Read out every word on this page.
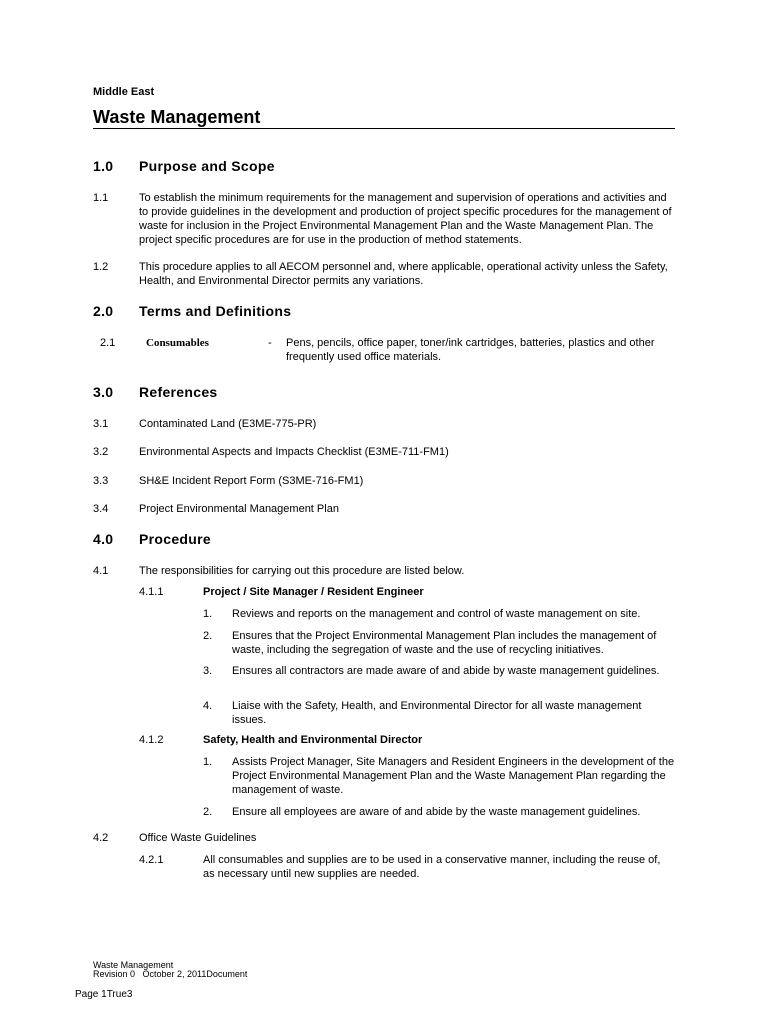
Middle East
Waste Management
1.0 Purpose and Scope
1.1	To establish the minimum requirements for the management and supervision of operations and activities and to provide guidelines in the development and production of project specific procedures for the management of waste for inclusion in the Project Environmental Management Plan and the Waste Management Plan. The project specific procedures are for use in the production of method statements.
1.2	This procedure applies to all AECOM personnel and, where applicable, operational activity unless the Safety, Health, and Environmental Director permits any variations.
2.0 Terms and Definitions
2.1	Consumables	- Pens, pencils, office paper, toner/ink cartridges, batteries, plastics and other frequently used office materials.
3.0 References
3.1	Contaminated Land (E3ME-775-PR)
3.2	Environmental Aspects and Impacts Checklist (E3ME-711-FM1)
3.3	SH&E Incident Report Form (S3ME-716-FM1)
3.4	Project Environmental Management Plan
4.0 Procedure
4.1	The responsibilities for carrying out this procedure are listed below.
4.1.1	Project / Site Manager / Resident Engineer
1. Reviews and reports on the management and control of waste management on site.
2. Ensures that the Project Environmental Management Plan includes the management of waste, including the segregation of waste and the use of recycling initiatives.
3. Ensures all contractors are made aware of and abide by waste management guidelines.
4. Liaise with the Safety, Health, and Environmental Director for all waste management issues.
4.1.2	Safety, Health and Environmental Director
1. Assists Project Manager, Site Managers and Resident Engineers in the development of the Project Environmental Management Plan and the Waste Management Plan regarding the management of waste.
2. Ensure all employees are aware of and abide by the waste management guidelines.
4.2	Office Waste Guidelines
4.2.1	All consumables and supplies are to be used in a conservative manner, including the reuse of, as necessary until new supplies are needed.
Waste Management
Revision 0   October 2, 2011Document
Page 1True3
